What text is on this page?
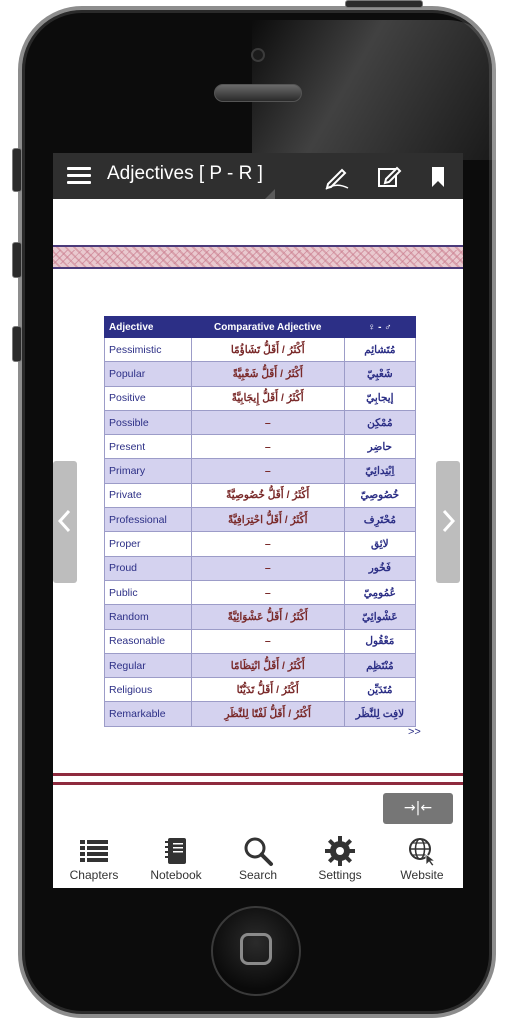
Adjectives [ P - R ]
Adjective	Comparative Adjective	♀ - ♂
Pessimistic	أَكْثَرُ / أَقَلُّ تَشَاؤُمًا	مُتَشائِم
Popular	أَكْثَرُ / أَقَلُّ شَعْبِيَّةً	شَعْبِيّ
Positive	أَكْثَرُ / أَقَلُّ إِيجَابِيَّةً	إيجابِيّ
Possible	–	مُمْكِن
Present	–	حاضِر
Primary	–	اِبْتِدائِيّ
Private	أَكْثَرُ / أَقَلُّ خُصُوصِيَّةً	خُصُوصِيّ
Professional	أَكْثَرُ / أَقَلُّ احْتِرَافِيَّةً	مُحْتَرِف
Proper	–	لائِق
Proud	–	فَخُور
Public	–	عُمُومِيّ
Random	أَكْثَرُ / أَقَلُّ عَشْوَائِيَّةً	عَشْوائِيّ
Reasonable	–	مَعْقُول
Regular	أَكْثَرُ / أَقَلُّ انْتِظَامًا	مُنْتَظِم
Religious	أَكْثَرُ / أَقَلُّ تَدَيُّنًا	مُتَدَيِّن
Remarkable	أَكْثَرُ / أَقَلُّ لَفْتًا لِلنَّظَرِ	لافِت لِلنَّظَر
>>
→|←
Chapters	Notebook	Search	Settings	Website
